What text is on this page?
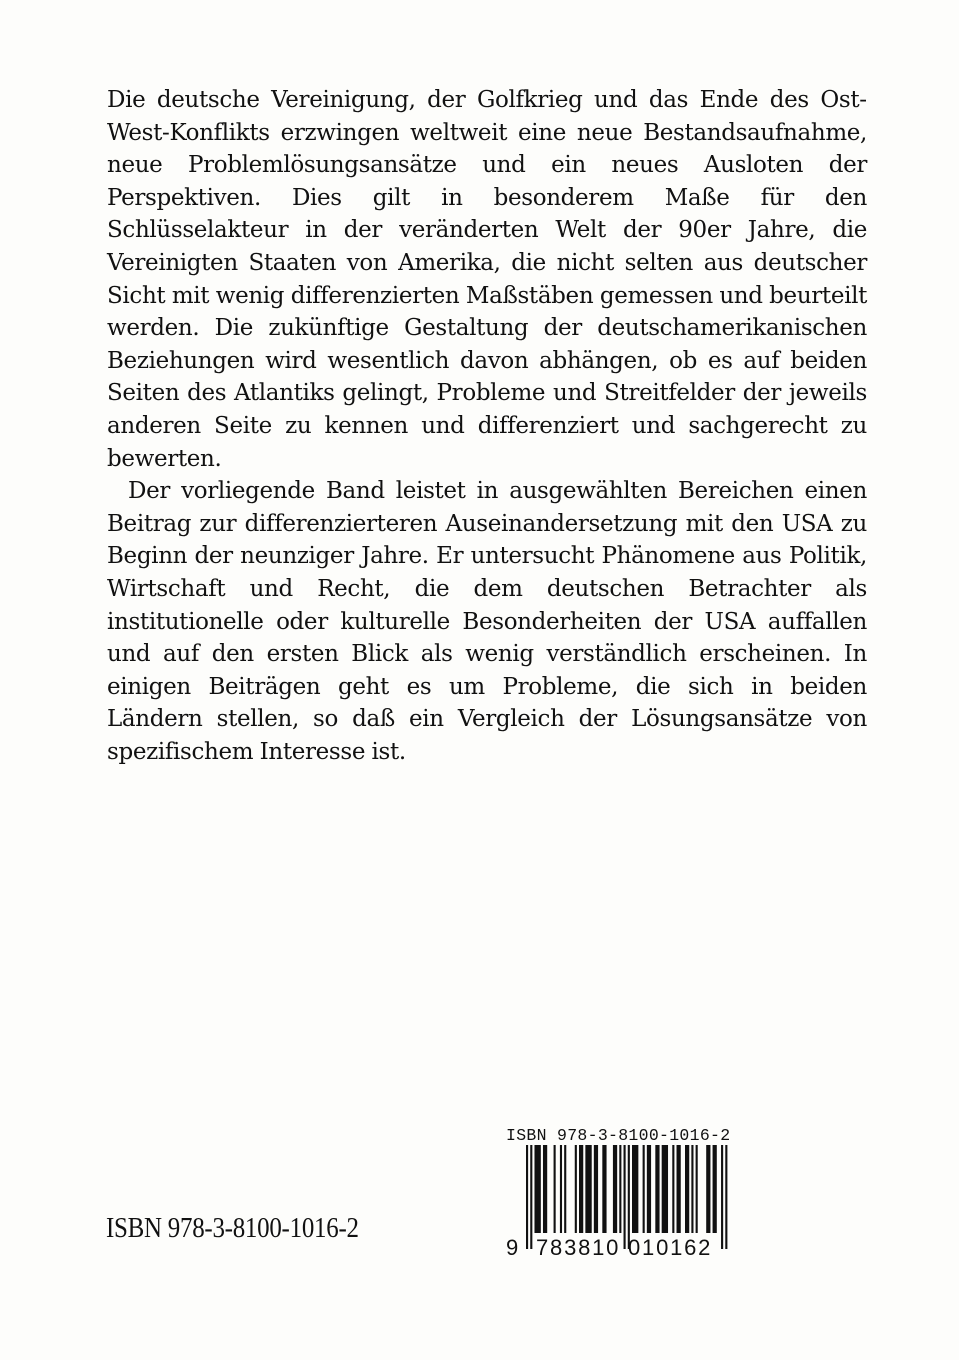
Die deutsche Vereinigung, der Golfkrieg und das Ende des OstWest-Konflikts erzwingen weltweit eine neue Bestandsaufnahme, neue Problemlösungsansätze und ein neues Ausloten der Perspektiven. Dies gilt in besonderem Maße für den Schlüsselakteur in der veränderten Welt der 90er Jahre, die Vereinigten Staaten von Amerika, die nicht selten aus deutscher Sicht mit wenig differenzierten Maßstäben gemessen und beurteilt werden. Die zukünftige Gestaltung der deutschamerikanischen Beziehungen wird wesentlich davon abhängen, ob es auf beiden Seiten des Atlantiks gelingt, Probleme und Streitfelder der jeweils anderen Seite zu kennen und differenziert und sachgerecht zu bewerten.

Der vorliegende Band leistet in ausgewählten Bereichen einen Beitrag zur differenzierteren Auseinandersetzung mit den USA zu Beginn der neunziger Jahre. Er untersucht Phänomene aus Politik, Wirtschaft und Recht, die dem deutschen Betrachter als institutionelle oder kulturelle Besonderheiten der USA auffallen und auf den ersten Blick als wenig verständlich erscheinen. In einigen Beiträgen geht es um Probleme, die sich in beiden Ländern stellen, so daß ein Vergleich der Lösungsansätze von spezifischem Interesse ist.

ISBN 978-3-8100-1016-2
ISBN 978-3-8100-1016-2
9 783810 010162
